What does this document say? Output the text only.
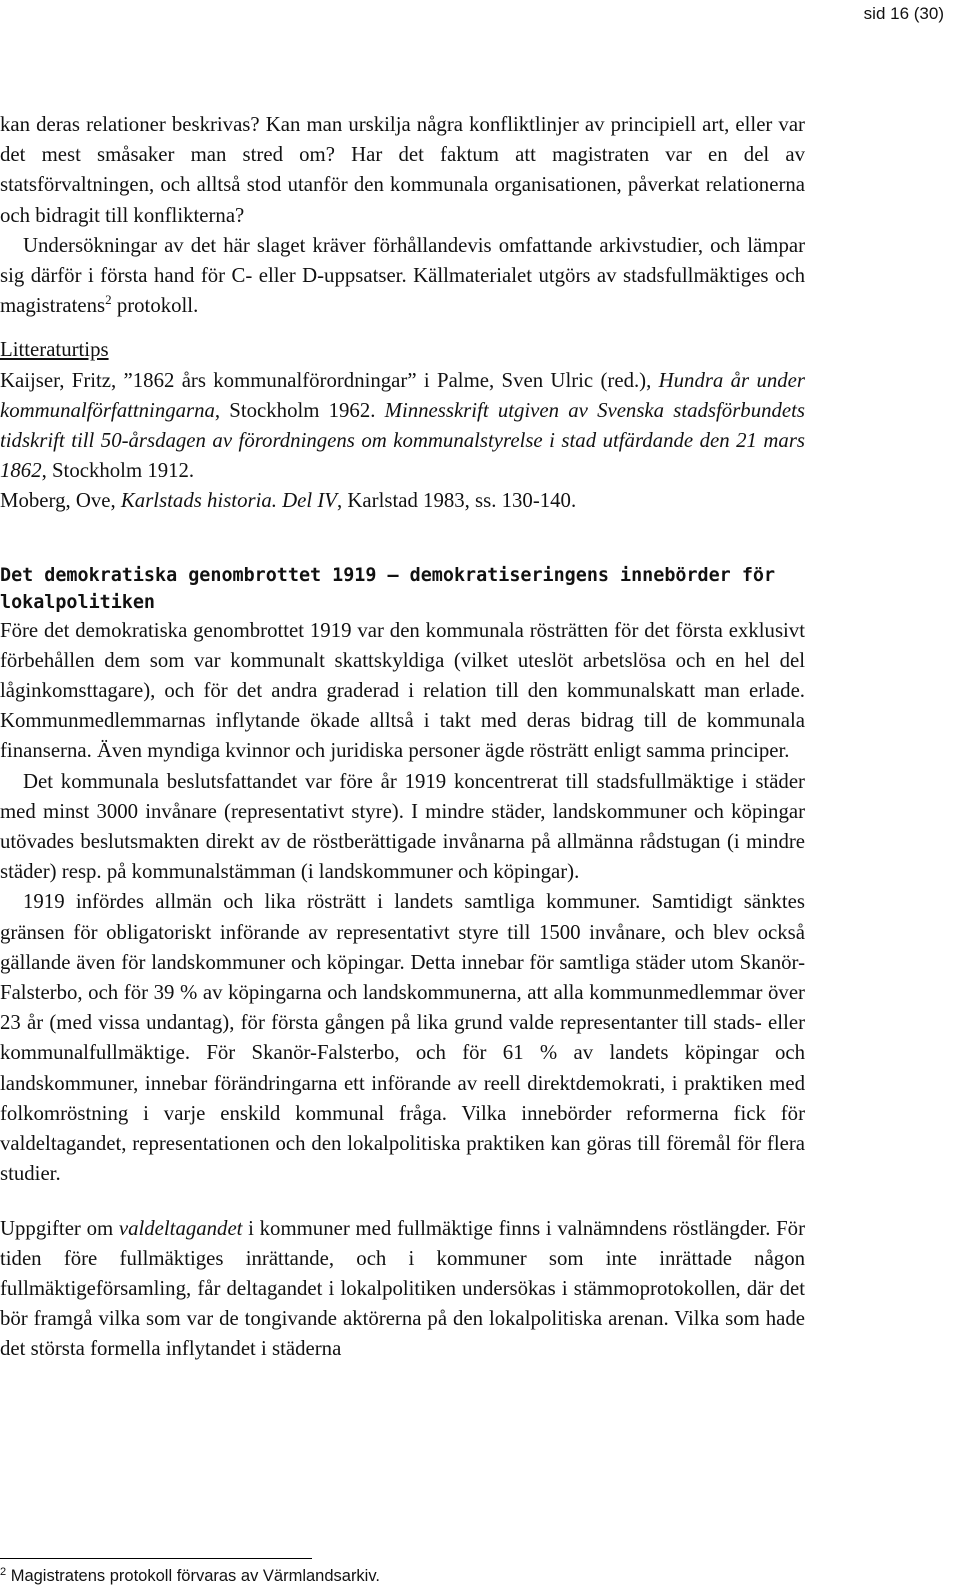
sid 16 (30)

kan deras relationer beskrivas? Kan man urskilja några konfliktlinjer av principiell art, eller var det mest småsaker man stred om? Har det faktum att magistraten var en del av statsförvaltningen, och alltså stod utanför den kommunala organisationen, påverkat relationerna och bidragit till konflikterna?

Undersökningar av det här slaget kräver förhållandevis omfattande arkivstudier, och lämpar sig därför i första hand för C- eller D-uppsatser. Källmaterialet utgörs av stadsfullmäktiges och magistratens$^2$ protokoll.

Litteraturtips

Kaijser, Fritz, ”1862 års kommunalförordningar” i Palme, Sven Ulric (red.), Hundra år under kommunalförfattningarna, Stockholm 1962. Minnesskrift utgiven av Svenska stadsförbundets tidskrift till 50-årsdagen av förordningens om kommunalstyrelse i stad utfärdande den 21 mars 1862, Stockholm 1912.

Moberg, Ove, Karlstads historia. Del IV, Karlstad 1983, ss. 130-140.

Det demokratiska genombrottet 1919 – demokratiseringens innebörder för lokalpolitiken

Före det demokratiska genombrottet 1919 var den kommunala rösträtten för det första exklusivt förbehållen dem som var kommunalt skattskyldiga (vilket uteslöt arbetslösa och en hel del låginkomsttagare), och för det andra graderad i relation till den kommunalskatt man erlade. Kommunmedlemmarnas inflytande ökade alltså i takt med deras bidrag till de kommunala finanserna. Även myndiga kvinnor och juridiska personer ägde rösträtt enligt samma principer.

Det kommunala beslutsfattandet var före år 1919 koncentrerat till stadsfullmäktige i städer med minst 3000 invånare (representativt styre). I mindre städer, landskommuner och köpingar utövades beslutsmakten direkt av de röstberättigade invånarna på allmänna rådstugan (i mindre städer) resp. på kommunalstämman (i landskommuner och köpingar).

1919 infördes allmän och lika rösträtt i landets samtliga kommuner. Samtidigt sänktes gränsen för obligatoriskt införande av representativt styre till 1500 invånare, och blev också gällande även för landskommuner och köpingar. Detta innebar för samtliga städer utom Skanör-Falsterbo, och för 39 % av köpingarna och landskommunerna, att alla kommunmedlemmar över 23 år (med vissa undantag), för första gången på lika grund valde representanter till stads- eller kommunalfullmäktige. För Skanör-Falsterbo, och för 61 % av landets köpingar och landskommuner, innebar förändringarna ett införande av reell direktdemokrati, i praktiken med folkomröstning i varje enskild kommunal fråga. Vilka innebörder reformerna fick för valdeltagandet, representationen och den lokalpolitiska praktiken kan göras till föremål för flera studier.

Uppgifter om valdeltagandet i kommuner med fullmäktige finns i valnämndens röstlängder. För tiden före fullmäktiges inrättande, och i kommuner som inte inrättade någon fullmäktigeförsamling, får deltagandet i lokalpolitiken undersökas i stämmoprotokollen, där det bör framgå vilka som var de tongivande aktörerna på den lokalpolitiska arenan. Vilka som hade det största formella inflytandet i städerna

$^2$ Magistratens protokoll förvaras av Värmlandsarkiv.
